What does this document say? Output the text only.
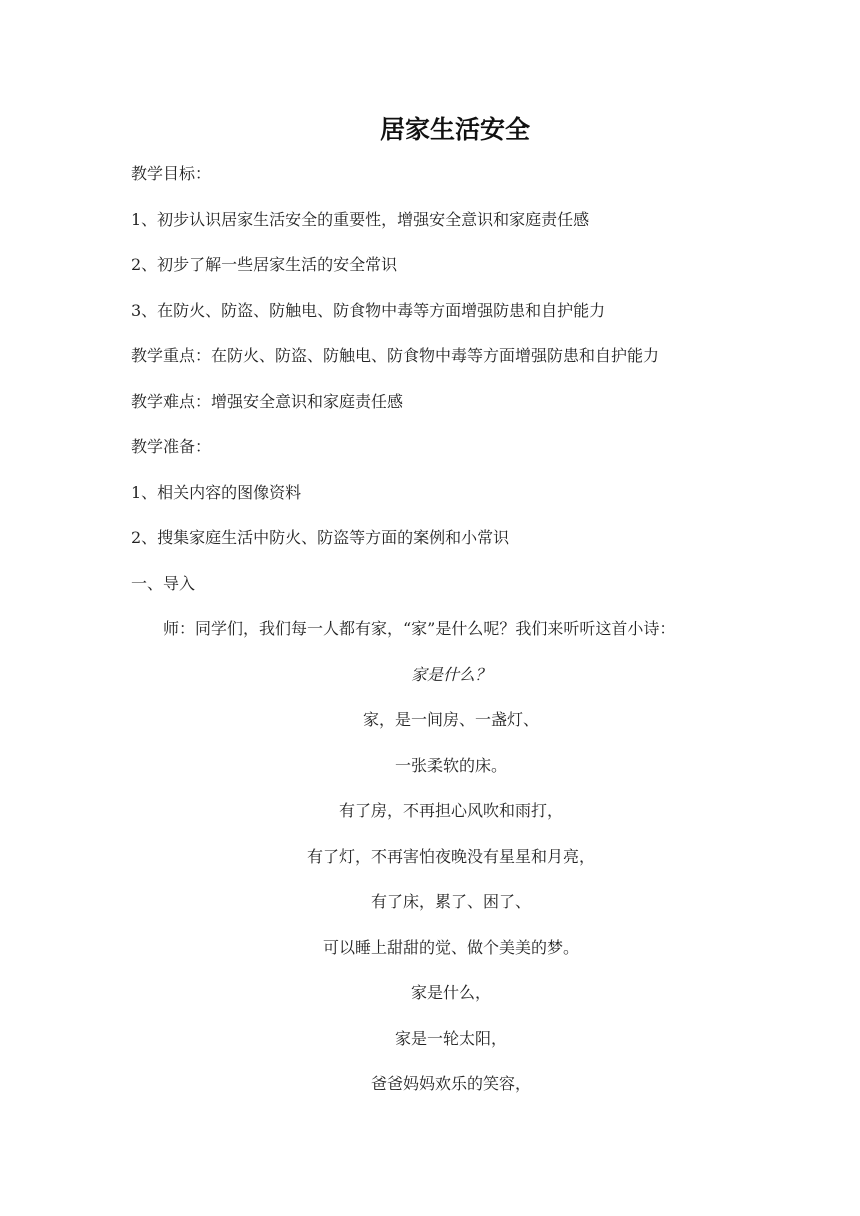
居家生活安全

教学目标：

1、初步认识居家生活安全的重要性，增强安全意识和家庭责任感

2、初步了解一些居家生活的安全常识

3、在防火、防盗、防触电、防食物中毒等方面增强防患和自护能力

教学重点：在防火、防盗、防触电、防食物中毒等方面增强防患和自护能力

教学难点：增强安全意识和家庭责任感

教学准备：

1、相关内容的图像资料

2、搜集家庭生活中防火、防盗等方面的案例和小常识

一、导入

师：同学们，我们每一人都有家，“家”是什么呢？我们来听听这首小诗：

家是什么？

家，是一间房、一盏灯、

一张柔软的床。

有了房，不再担心风吹和雨打，

有了灯，不再害怕夜晚没有星星和月亮，

有了床，累了、困了、

可以睡上甜甜的觉、做个美美的梦。

家是什么，

家是一轮太阳，

爸爸妈妈欢乐的笑容，
